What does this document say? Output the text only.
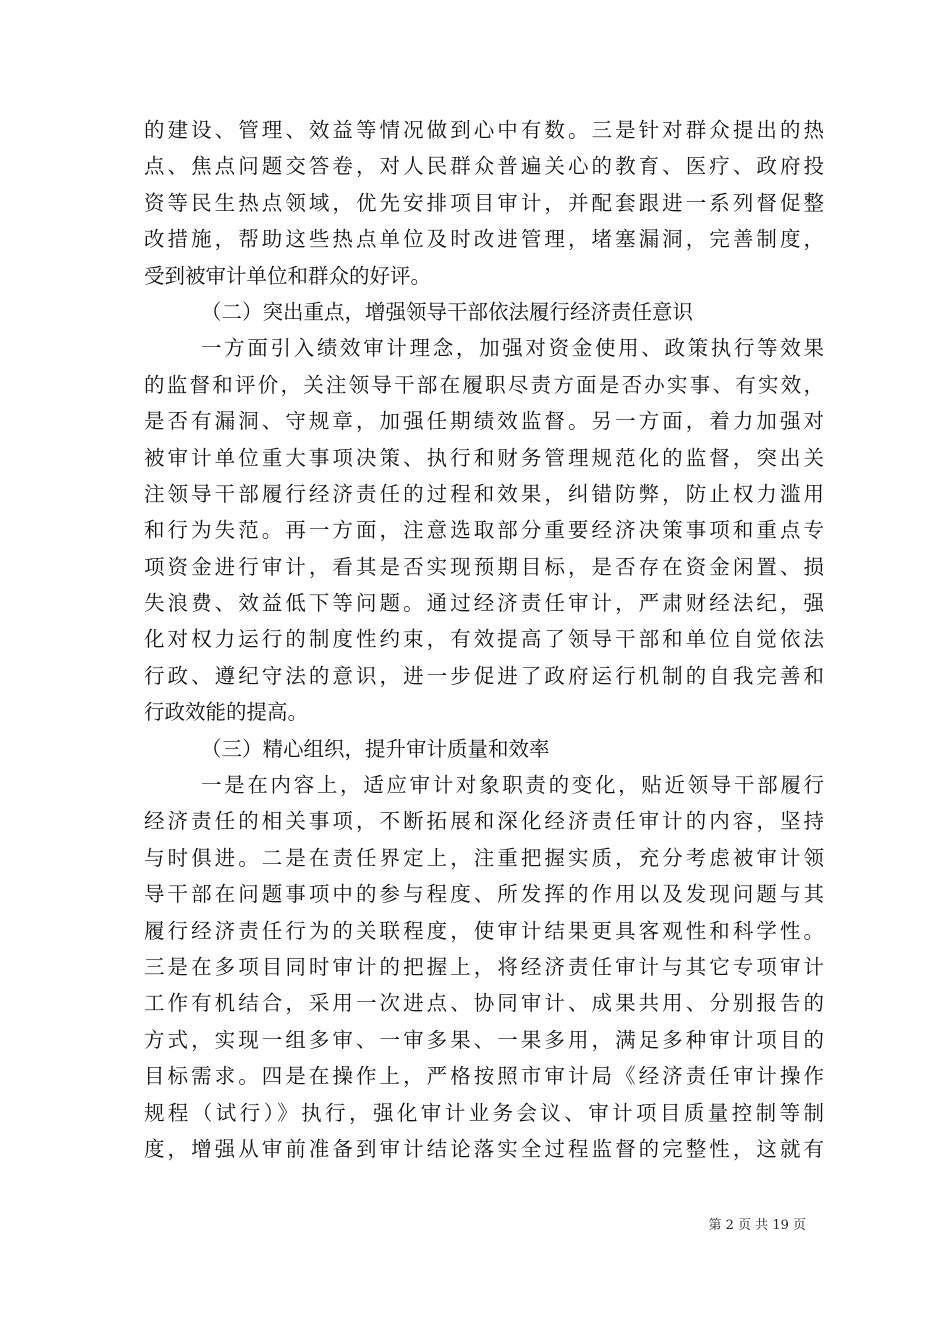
的建设、管理、效益等情况做到心中有数。三是针对群众提出的热
点、焦点问题交答卷，对人民群众普遍关心的教育、医疗、政府投
资等民生热点领域，优先安排项目审计，并配套跟进一系列督促整
改措施，帮助这些热点单位及时改进管理，堵塞漏洞，完善制度，
受到被审计单位和群众的好评。
（二）突出重点，增强领导干部依法履行经济责任意识
一方面引入绩效审计理念，加强对资金使用、政策执行等效果
的监督和评价，关注领导干部在履职尽责方面是否办实事、有实效，
是否有漏洞、守规章，加强任期绩效监督。另一方面，着力加强对
被审计单位重大事项决策、执行和财务管理规范化的监督，突出关
注领导干部履行经济责任的过程和效果，纠错防弊，防止权力滥用
和行为失范。再一方面，注意选取部分重要经济决策事项和重点专
项资金进行审计，看其是否实现预期目标，是否存在资金闲置、损
失浪费、效益低下等问题。通过经济责任审计，严肃财经法纪，强
化对权力运行的制度性约束，有效提高了领导干部和单位自觉依法
行政、遵纪守法的意识，进一步促进了政府运行机制的自我完善和
行政效能的提高。
（三）精心组织，提升审计质量和效率
一是在内容上，适应审计对象职责的变化，贴近领导干部履行
经济责任的相关事项，不断拓展和深化经济责任审计的内容，坚持
与时俱进。二是在责任界定上，注重把握实质，充分考虑被审计领
导干部在问题事项中的参与程度、所发挥的作用以及发现问题与其
履行经济责任行为的关联程度，使审计结果更具客观性和科学性。
三是在多项目同时审计的把握上，将经济责任审计与其它专项审计
工作有机结合，采用一次进点、协同审计、成果共用、分别报告的
方式，实现一组多审、一审多果、一果多用，满足多种审计项目的
目标需求。四是在操作上，严格按照市审计局《经济责任审计操作
规程（试行）》执行，强化审计业务会议、审计项目质量控制等制
度，增强从审前准备到审计结论落实全过程监督的完整性，这就有
第 2 页 共 19 页
